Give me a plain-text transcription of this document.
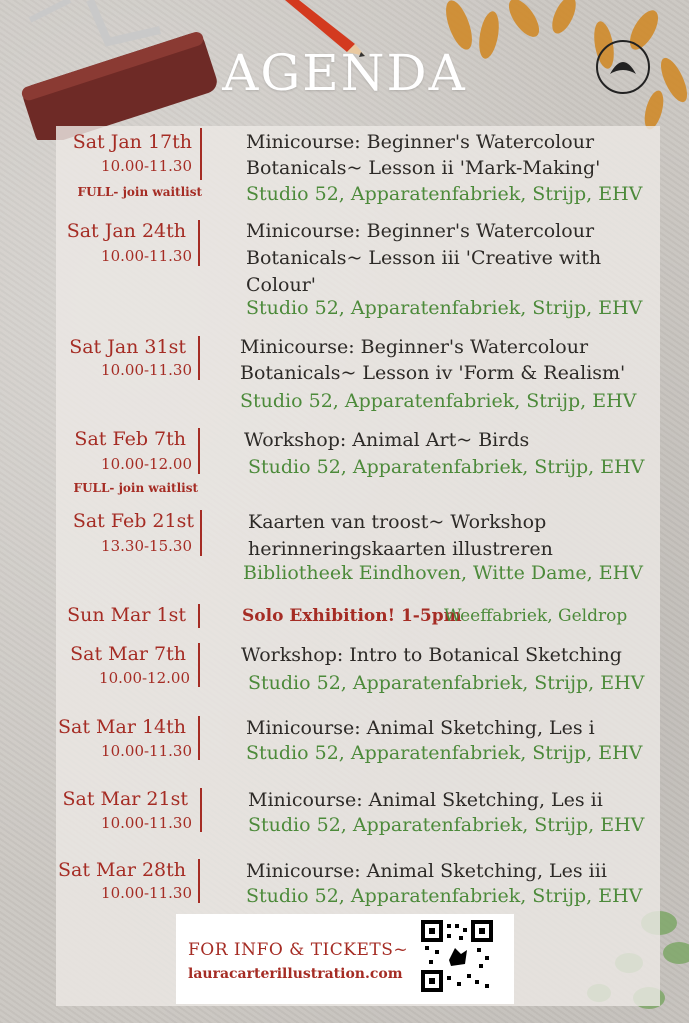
AGENDA
Sat Jan 17th
10.00-11.30
FULL- join waitlist
Minicourse: Beginner's Watercolour
Botanicals~ Lesson ii 'Mark-Making'
Studio 52, Apparatenfabriek, Strijp, EHV
Sat Jan 24th
10.00-11.30
Minicourse: Beginner's Watercolour
Botanicals~ Lesson iii 'Creative with
Colour'
Studio 52, Apparatenfabriek, Strijp, EHV
Sat Jan 31st
10.00-11.30
Minicourse: Beginner's Watercolour
Botanicals~ Lesson iv 'Form & Realism'
Studio 52, Apparatenfabriek, Strijp, EHV
Sat Feb 7th
10.00-12.00
FULL- join waitlist
Workshop: Animal Art~ Birds
Studio 52, Apparatenfabriek, Strijp, EHV
Sat Feb 21st
13.30-15.30
Kaarten van troost~ Workshop
herinneringskaarten illustreren
Bibliotheek Eindhoven, Witte Dame, EHV
Sun Mar 1st	Solo Exhibition! 1-5pm
Weeffabriek, Geldrop
Sat Mar 7th
10.00-12.00
Workshop: Intro to Botanical Sketching
Studio 52, Apparatenfabriek, Strijp, EHV
Sat Mar 14th
10.00-11.30
Minicourse: Animal Sketching, Les i
Studio 52, Apparatenfabriek, Strijp, EHV
Sat Mar 21st
10.00-11.30
Minicourse: Animal Sketching, Les ii
Studio 52, Apparatenfabriek, Strijp, EHV
Sat Mar 28th
10.00-11.30
Minicourse: Animal Sketching, Les iii
Studio 52, Apparatenfabriek, Strijp, EHV
FOR INFO & TICKETS~
lauracarterillustration.com
